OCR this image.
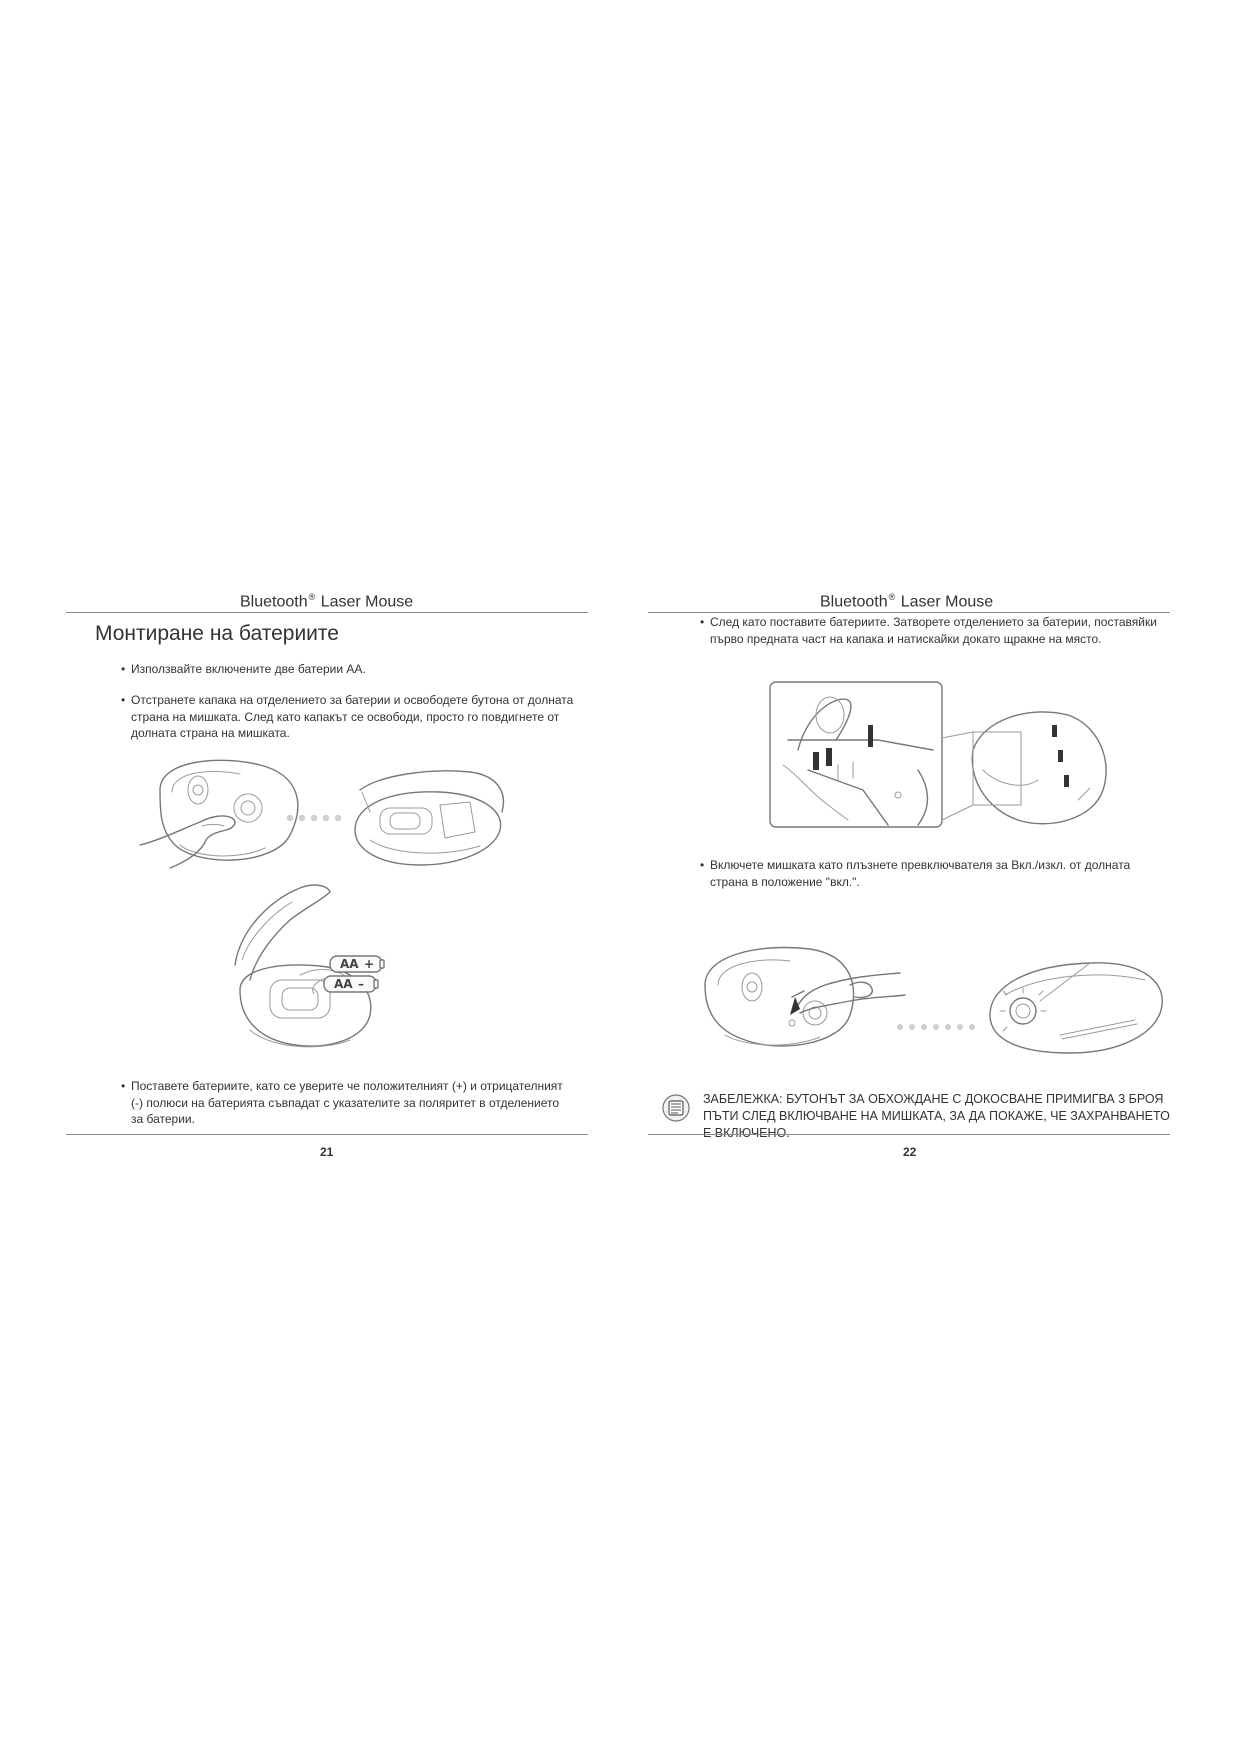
Bluetooth® Laser Mouse
Монтиране на батериите
• Използвайте включените две батерии AA.
• Отстранете капака на отделението за батерии и освободете бутона от долната страна на мишката. След като капакът се освободи, просто го повдигнете от долната страна на мишката.
AA +
AA –
• Поставете батериите, като се уверите че положителният (+) и отрицателният (-) полюси на батерията съвпадат с указателите за поляритет в отделението за батерии.
21
Bluetooth® Laser Mouse
• След като поставите батериите. Затворете отделението за батерии, поставяйки първо предната част на капака и натискайки докато щракне на място.
• Включете мишката като плъзнете превключвателя за Вкл./изкл. от долната страна в положение "вкл.".
ЗАБЕЛЕЖКА: БУТОНЪТ ЗА ОБХОЖДАНЕ С ДОКОСВАНЕ ПРИМИГВА 3 БРОЯ ПЪТИ СЛЕД ВКЛЮЧВАНЕ НА МИШКАТА, ЗА ДА ПОКАЖЕ, ЧЕ ЗАХРАНВАНЕТО Е ВКЛЮЧЕНО.
22
